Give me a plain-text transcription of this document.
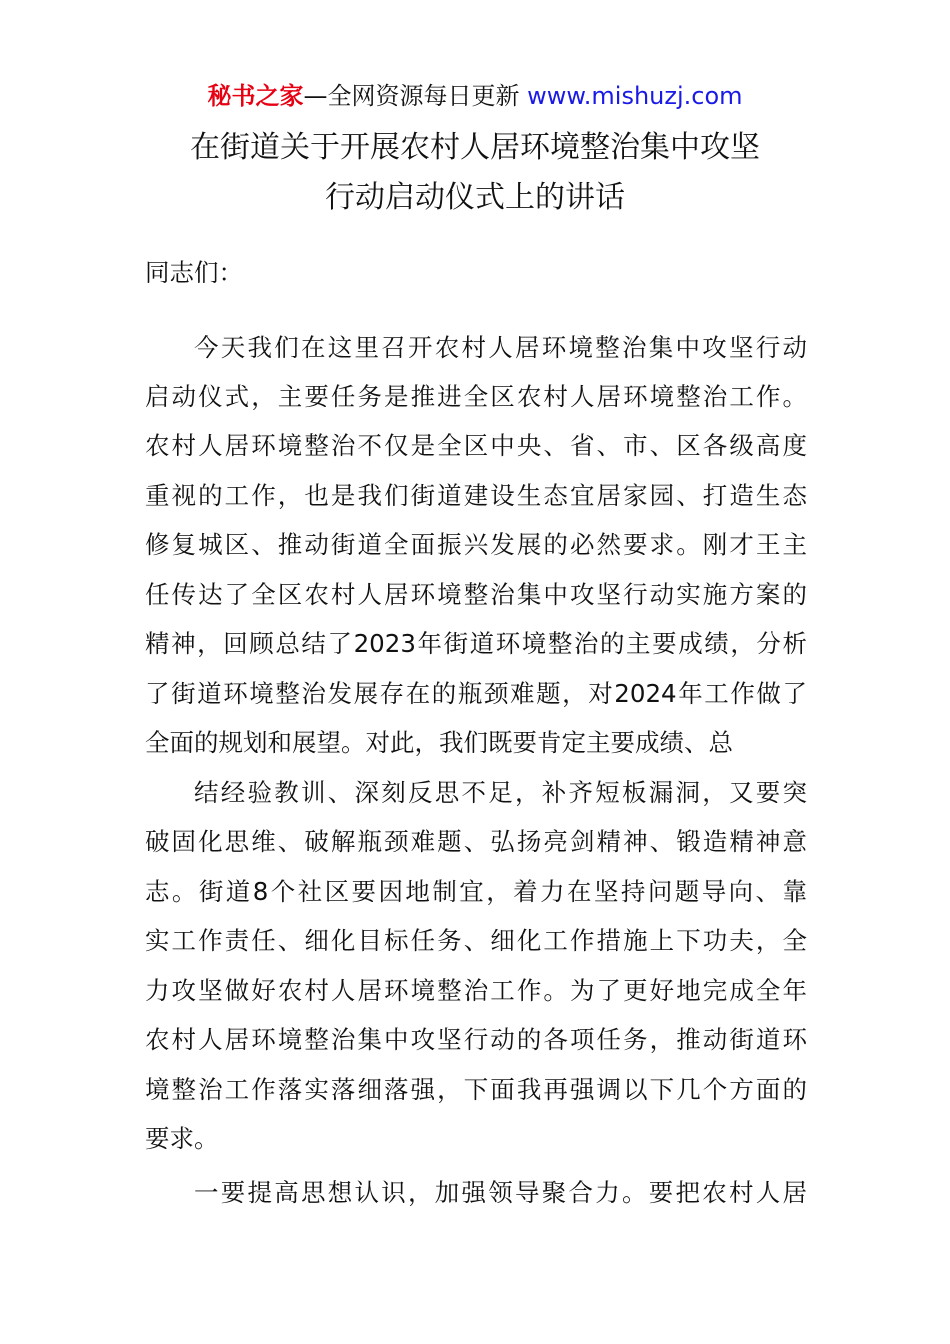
秘书之家—全网资源每日更新 www.mishuzj.com
在街道关于开展农村人居环境整治集中攻坚
行动启动仪式上的讲话
同志们：
今天我们在这里召开农村人居环境整治集中攻坚行动
启动仪式，主要任务是推进全区农村人居环境整治工作。
农村人居环境整治不仅是全区中央、省、市、区各级高度
重视的工作，也是我们街道建设生态宜居家园、打造生态
修复城区、推动街道全面振兴发展的必然要求。刚才王主
任传达了全区农村人居环境整治集中攻坚行动实施方案的
精神，回顾总结了2023年街道环境整治的主要成绩，分析
了街道环境整治发展存在的瓶颈难题，对2024年工作做了
全面的规划和展望。对此，我们既要肯定主要成绩、总
结经验教训、深刻反思不足，补齐短板漏洞，又要突
破固化思维、破解瓶颈难题、弘扬亮剑精神、锻造精神意
志。街道8个社区要因地制宜，着力在坚持问题导向、靠
实工作责任、细化目标任务、细化工作措施上下功夫，全
力攻坚做好农村人居环境整治工作。为了更好地完成全年
农村人居环境整治集中攻坚行动的各项任务，推动街道环
境整治工作落实落细落强，下面我再强调以下几个方面的
要求。
一要提高思想认识，加强领导聚合力。要把农村人居
